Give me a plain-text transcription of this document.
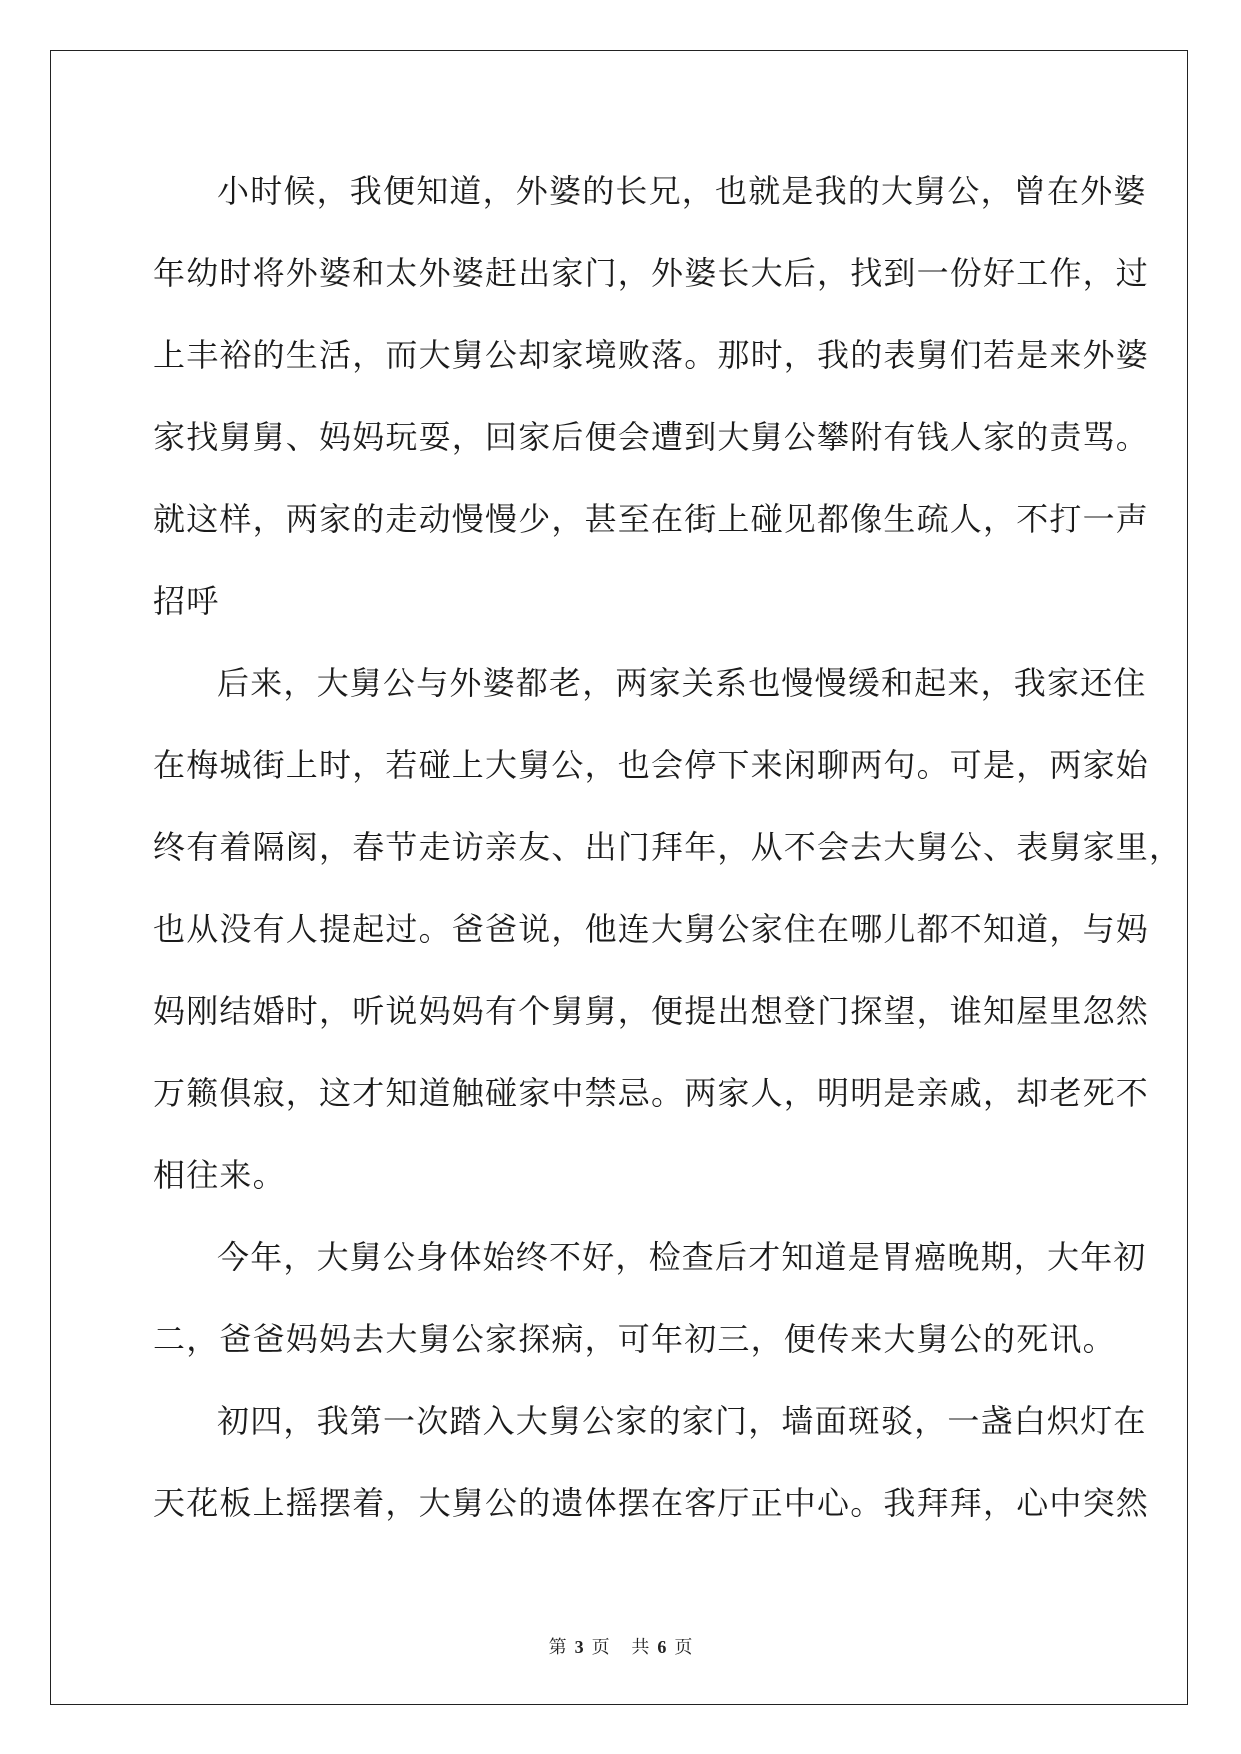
小时候，我便知道，外婆的长兄，也就是我的大舅公，曾在外婆
年幼时将外婆和太外婆赶出家门，外婆长大后，找到一份好工作，过
上丰裕的生活，而大舅公却家境败落。那时，我的表舅们若是来外婆
家找舅舅、妈妈玩耍，回家后便会遭到大舅公攀附有钱人家的责骂。
就这样，两家的走动慢慢少，甚至在街上碰见都像生疏人，不打一声
招呼
后来，大舅公与外婆都老，两家关系也慢慢缓和起来，我家还住
在梅城街上时，若碰上大舅公，也会停下来闲聊两句。可是，两家始
终有着隔阂，春节走访亲友、出门拜年，从不会去大舅公、表舅家里，
也从没有人提起过。爸爸说，他连大舅公家住在哪儿都不知道，与妈
妈刚结婚时，听说妈妈有个舅舅，便提出想登门探望，谁知屋里忽然
万籁俱寂，这才知道触碰家中禁忌。两家人，明明是亲戚，却老死不
相往来。
今年，大舅公身体始终不好，检查后才知道是胃癌晚期，大年初
二，爸爸妈妈去大舅公家探病，可年初三，便传来大舅公的死讯。
初四，我第一次踏入大舅公家的家门，墙面斑驳，一盏白炽灯在
天花板上摇摆着，大舅公的遗体摆在客厅正中心。我拜拜，心中突然
第 3 页 共 6 页
